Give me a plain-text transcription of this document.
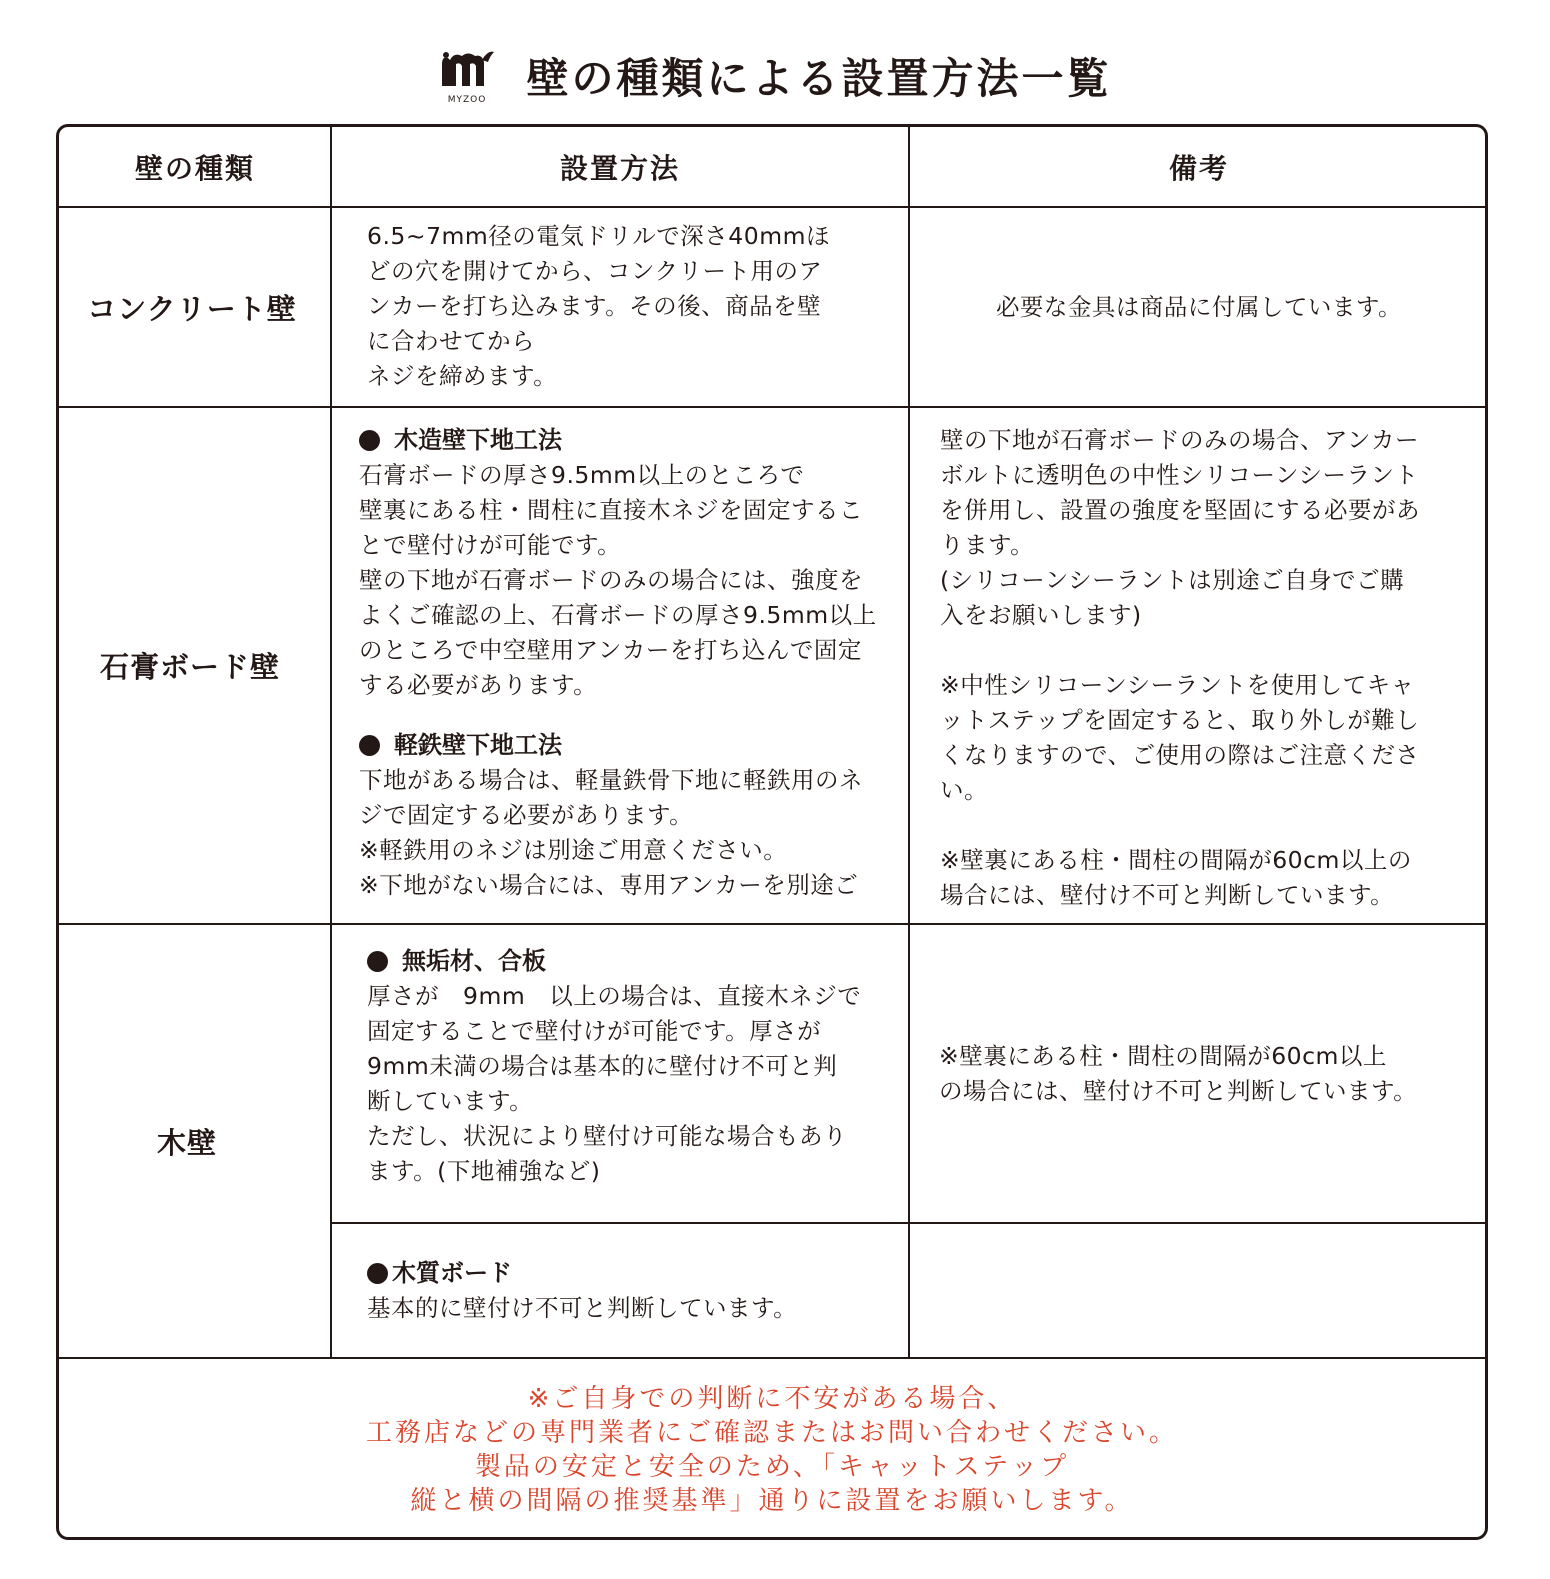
MYZOO 壁の種類による設置方法一覧
壁の種類	設置方法	備考
コンクリート壁
6.5~7mm径の電気ドリルで深さ40mmほ
どの穴を開けてから、コンクリート用のア
ンカーを打ち込みます。その後、商品を壁
に合わせてから
ネジを締めます。
必要な金具は商品に付属しています。
石膏ボード壁
木造壁下地工法
石膏ボードの厚さ9.5mm以上のところで
壁裏にある柱・間柱に直接木ネジを固定するこ
とで壁付けが可能です。
壁の下地が石膏ボードのみの場合には、強度を
よくご確認の上、石膏ボードの厚さ9.5mm以上
のところで中空壁用アンカーを打ち込んで固定
する必要があります。
軽鉄壁下地工法
下地がある場合は、軽量鉄骨下地に軽鉄用のネ
ジで固定する必要があります。
※軽鉄用のネジは別途ご用意ください。
※下地がない場合には、専用アンカーを別途ご
壁の下地が石膏ボードのみの場合、アンカー
ボルトに透明色の中性シリコーンシーラント
を併用し、設置の強度を堅固にする必要があ
ります。
(シリコーンシーラントは別途ご自身でご購
入をお願いします)
※中性シリコーンシーラントを使用してキャ
ットステップを固定すると、取り外しが難し
くなりますので、ご使用の際はご注意くださ
い。
※壁裏にある柱・間柱の間隔が60cm以上の
場合には、壁付け不可と判断しています。
木壁
無垢材、合板
厚さが　9mm　以上の場合は、直接木ネジで
固定することで壁付けが可能です。厚さが
9mm未満の場合は基本的に壁付け不可と判
断しています。
ただし、状況により壁付け可能な場合もあり
ます。(下地補強など)
※壁裏にある柱・間柱の間隔が60cm以上
の場合には、壁付け不可と判断しています。
木質ボード
基本的に壁付け不可と判断しています。
※ご自身での判断に不安がある場合、
工務店などの専門業者にご確認またはお問い合わせください。
製品の安定と安全のため、「キャットステップ
縦と横の間隔の推奨基準」通りに設置をお願いします。
